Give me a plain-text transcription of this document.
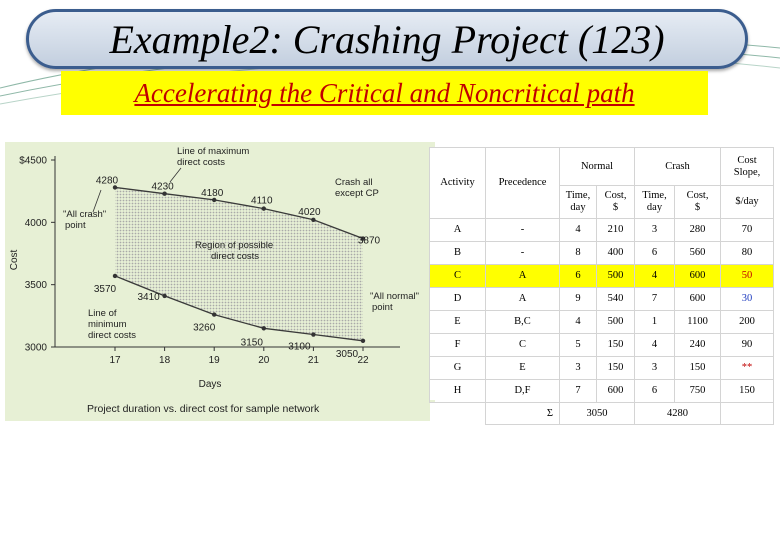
Example2: Crashing Project (123)
Accelerating the Critical and Noncritical path
$4500
4000
3500
3000
17	18	19	20	21	22
4280
4230
4180
4110
4020
3870
3570
3410
3260
3150	3100
3050
Cost
Days
Project duration vs. direct cost for sample network
Line of maximum
direct costs
Crash all
except CP
"All crash"
point
Region of possible
direct costs
Line of
minimum
direct costs
"All normal"
point
Activity	Precedence	Normal		Crash		Cost
Slope,
		Time,
day	Cost,
$	Time,
day	Cost,
$	$/day
A	-	4	210	3	280	70
B	-	8	400	6	560	80
C	A	6	500	4	600	50
D	A	9	540	7	600	30
E	B,C	4	500	1	1100	200
F	C	5	150	4	240	90
G	E	3	150	3	150	**
H	D,F	7	600	6	750	150
	Σ	3050		4280		
